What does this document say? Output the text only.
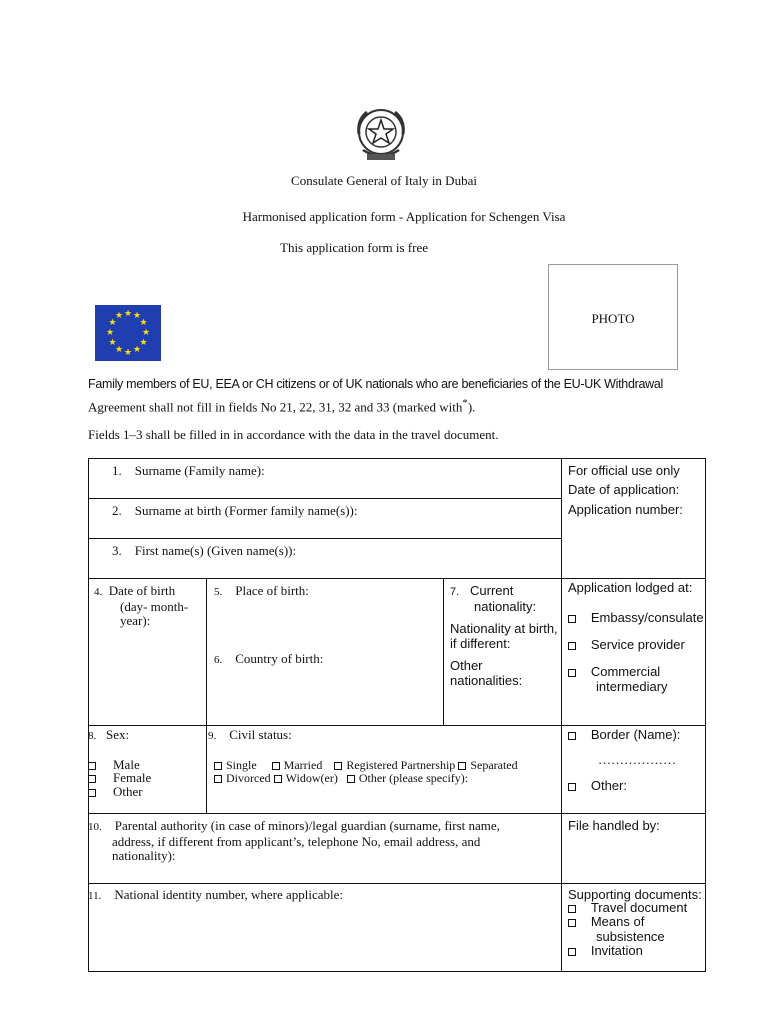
Consulate General of Italy in Dubai
Harmonised application form - Application for Schengen Visa
This application form is free
★ ★
★
★
★
★
★
★
★
★
★
★	PHOTO
Family members of EU, EEA or CH citizens or of UK nationals who are beneficiaries of the EU-UK Withdrawal
Agreement shall not fill in fields No 21, 22, 31, 32 and 33 (marked with*).
Fields 1–3 shall be filled in in accordance with the data in the travel document.
1. Surname (Family name):
2. Surname at birth (Former family name(s)):
3. First name(s) (Given name(s)):
For official use only
Date of application:
Application number:
4. Date of birth
(day- month-
year):
5. Place of birth:
6. Country of birth:
7. Current
nationality:

Nationality at birth,
if different:

Other
nationalities:
Application lodged at:
Embassy/consulate
Service provider
Commercial
intermediary
8. Sex:
Male
Female
Other
9. Civil status:
Single Married Registered Partnership Separated
Divorced Widow(er) Other (please specify):
Border (Name):
………………
Other:
10. Parental authority (in case of minors)/legal guardian (surname, first name,
address, if different from applicant’s, telephone No, email address, and
nationality):
File handled by:
11. National identity number, where applicable:	Supporting documents:
Travel document
Means of
subsistence
Invitation
